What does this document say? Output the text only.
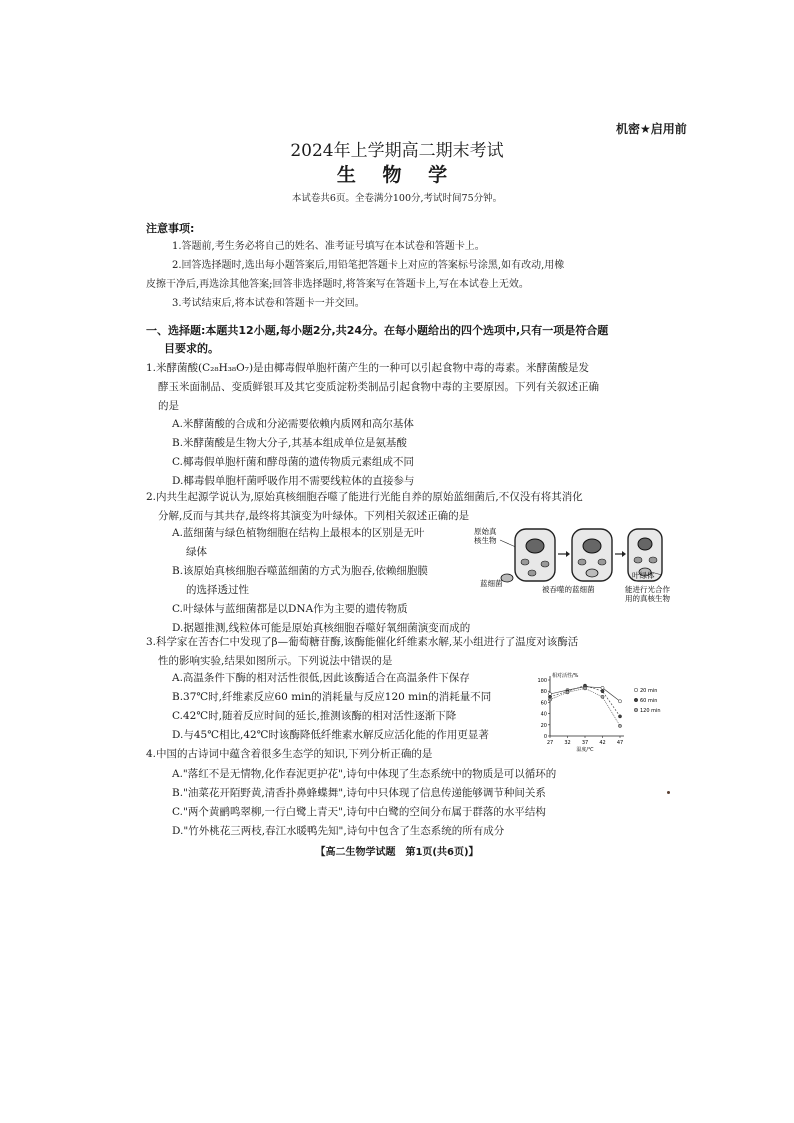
机密★启用前
2024年上学期高二期末考试
生 物 学
本试卷共6页。全卷满分100分,考试时间75分钟。
注意事项:
1.答题前,考生务必将自己的姓名、准考证号填写在本试卷和答题卡上。
2.回答选择题时,选出每小题答案后,用铅笔把答题卡上对应的答案标号涂黑,如有改动,用橡
皮擦干净后,再选涂其他答案;回答非选择题时,将答案写在答题卡上,写在本试卷上无效。
3.考试结束后,将本试卷和答题卡一并交回。
一、选择题:本题共12小题,每小题2分,共24分。在每小题给出的四个选项中,只有一项是符合题
目要求的。
1.米酵菌酸(C₂₈H₃₈O₇)是由椰毒假单胞杆菌产生的一种可以引起食物中毒的毒素。米酵菌酸是发
酵玉米面制品、变质鲜银耳及其它变质淀粉类制品引起食物中毒的主要原因。下列有关叙述正确
的是
A.米酵菌酸的合成和分泌需要依赖内质网和高尔基体
B.米酵菌酸是生物大分子,其基本组成单位是氨基酸
C.椰毒假单胞杆菌和酵母菌的遗传物质元素组成不同
D.椰毒假单胞杆菌呼吸作用不需要线粒体的直接参与
2.内共生起源学说认为,原始真核细胞吞噬了能进行光能自养的原始蓝细菌后,不仅没有将其消化
分解,反而与其共存,最终将其演变为叶绿体。下列相关叙述正确的是
A.蓝细菌与绿色植物细胞在结构上最根本的区别是无叶
绿体
B.该原始真核细胞吞噬蓝细菌的方式为胞吞,依赖细胞膜
的选择透过性
C.叶绿体与蓝细菌都是以DNA作为主要的遗传物质
D.据题推测,线粒体可能是原始真核细胞吞噬好氧细菌演变而成的
原始真
核生物
蓝细菌
被吞噬的蓝细菌
叶绿体
能进行光合作
用的真核生物
3.科学家在苦杏仁中发现了β—葡萄糖苷酶,该酶能催化纤维素水解,某小组进行了温度对该酶活
性的影响实验,结果如图所示。下列说法中错误的是
A.高温条件下酶的相对活性很低,因此该酶适合在高温条件下保存
B.37℃时,纤维素反应60 min的消耗量与反应120 min的消耗量不同
C.42℃时,随着反应时间的延长,推测该酶的相对活性逐渐下降
D.与45℃相比,42℃时该酶降低纤维素水解反应活化能的作用更显著	0
20
40
60
80
100
27 32 37 42 47
相对活性/%
温度/℃
20 min
60 min
120 min
4.中国的古诗词中蕴含着很多生态学的知识,下列分析正确的是
A."落红不是无情物,化作春泥更护花",诗句中体现了生态系统中的物质是可以循环的
B."油菜花开陌野黄,清香扑鼻蜂蝶舞",诗句中只体现了信息传递能够调节种间关系
C."两个黄鹂鸣翠柳,一行白鹭上青天",诗句中白鹭的空间分布属于群落的水平结构
D."竹外桃花三两枝,春江水暖鸭先知",诗句中包含了生态系统的所有成分
【高二生物学试题　第1页(共6页)】
